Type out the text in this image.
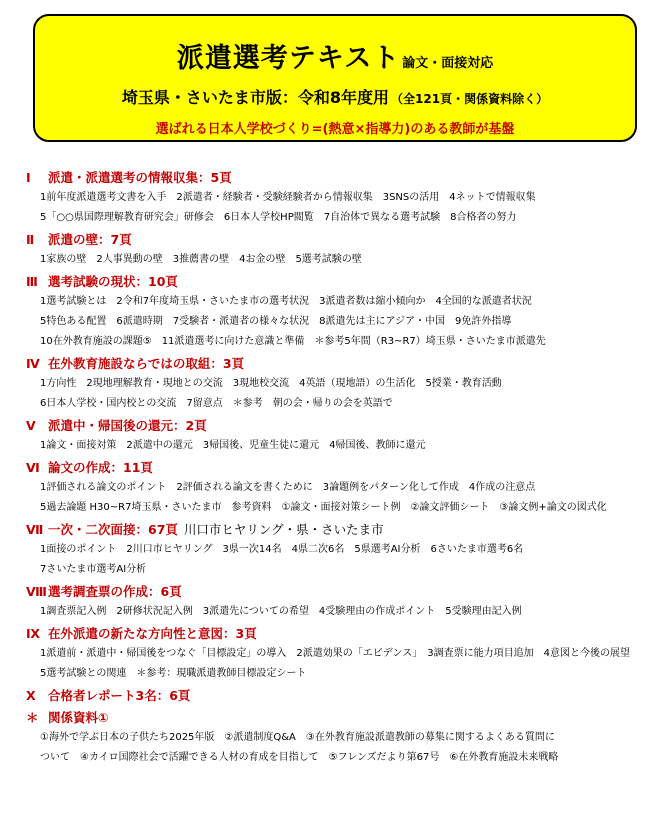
派遣選考テキスト 論文・面接対応
埼玉県・さいたま市版：令和8年度用 （全121頁・関係資料除く）
選ばれる日本人学校づくり=(熱意×指導力)のある教師が基盤
Ⅰ 派遣・派遣選考の情報収集：5頁
1前年度派遣選考文書を入手　2派遣者・経験者・受験経験者から情報収集　3SNSの活用　4ネットで情報収集
5「○○県国際理解教育研究会」研修会　6日本人学校HP閲覧　7自治体で異なる選考試験　8合格者の努力
Ⅱ 派遣の壁：7頁
1家族の壁　2人事異動の壁　3推薦書の壁　4お金の壁　5選考試験の壁
Ⅲ 選考試験の現状：10頁
1選考試験とは　2令和7年度埼玉県・さいたま市の選考状況　3派遣者数は縮小傾向か　4全国的な派遣者状況
5特色ある配置　6派遣時期　7受験者・派遣者の様々な状況　8派遣先は主にアジア・中国　9免許外指導
10在外教育施設の課題⑤　11派遣選考に向けた意識と準備　＊参考5年間（R3~R7）埼玉県・さいたま市派遣先
Ⅳ 在外教育施設ならではの取組：3頁
1方向性　2現地理解教育・現地との交流　3現地校交流　4英語（現地語）の生活化　5授業・教育活動
6日本人学校・国内校との交流　7留意点　＊参考　朝の会・帰りの会を英語で
Ⅴ 派遣中・帰国後の還元：2頁
1論文・面接対策　2派遣中の還元　3帰国後、児童生徒に還元　4帰国後、教師に還元
Ⅵ 論文の作成：11頁
1評価される論文のポイント　2評価される論文を書くために　3論題例をパターン化して作成　4作成の注意点
5過去論題 H30~R7埼玉県・さいたま市　参考資料　①論文・面接対策シート例　②論文評価シート　③論文例+論文の図式化
Ⅶ 一次・二次面接：67頁 川口市ヒヤリング・県・さいたま市
1面接のポイント　2川口市ヒヤリング　3県一次14名　4県二次6名　5県選考AI分析　6さいたま市選考6名
7さいたま市選考AI分析
Ⅷ選考調査票の作成：6頁
1調査票記入例　2研修状況記入例　3派遣先についての希望　4受験理由の作成ポイント　5受験理由記入例
Ⅸ 在外派遣の新たな方向性と意図：3頁
1派遣前・派遣中・帰国後をつなぐ「目標設定」の導入　2派遣効果の「エビデンス」　3調査票に能力項目追加　4意図と今後の展望
5選考試験との関連　＊参考：現職派遣教師目標設定シート
Ⅹ 合格者レポート3名：6頁
＊ 関係資料①
①海外で学ぶ日本の子供たち2025年版　②派遣制度Q&A　③在外教育施設派遣教師の募集に関するよくある質問に
ついて　④カイロ国際社会で活躍できる人材の育成を目指して　⑤フレンズだより第67号　⑥在外教育施設未来戦略
